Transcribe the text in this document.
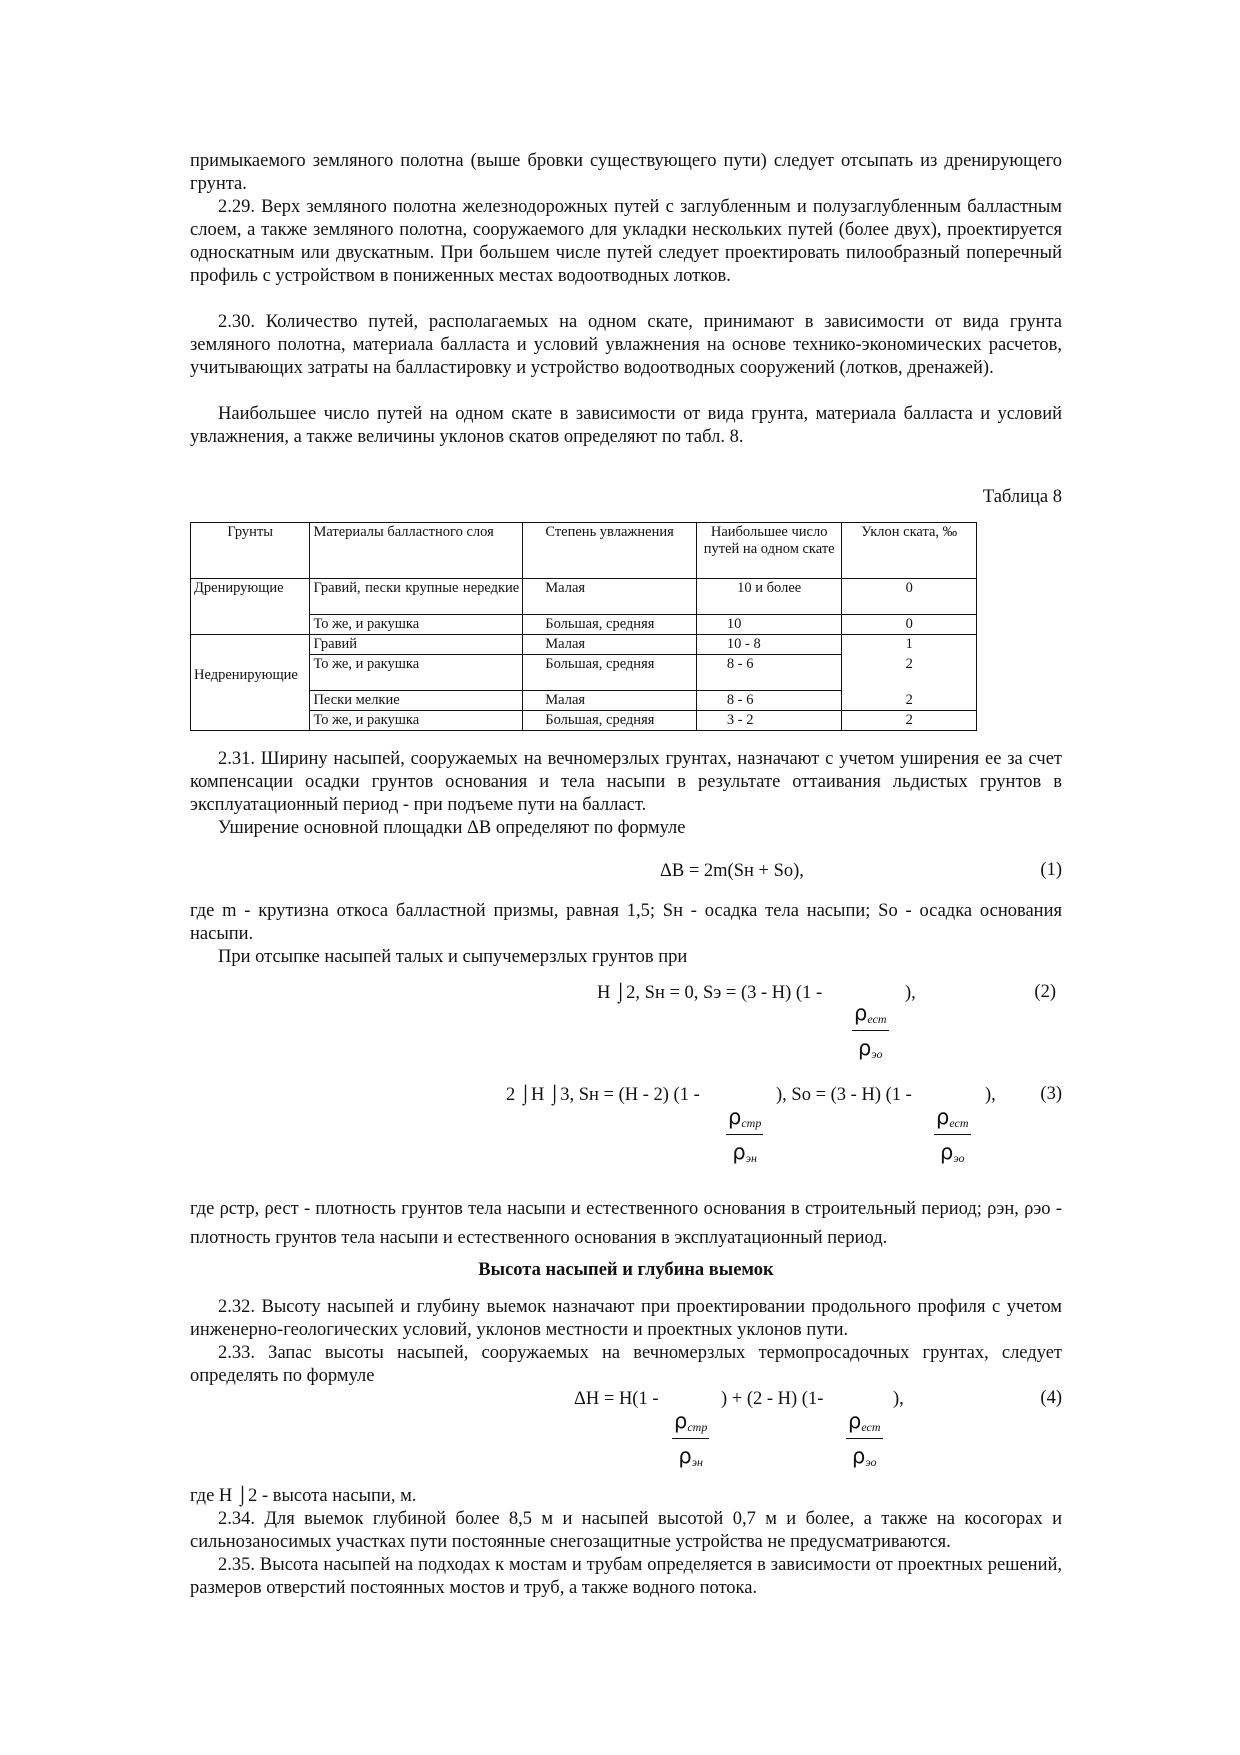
примыкаемого земляного полотна (выше бровки существующего пути) следует отсыпать из дренирующего грунта.

2.29. Верх земляного полотна железнодорожных путей с заглубленным и полузаглубленным балластным слоем, а также земляного полотна, сооружаемого для укладки нескольких путей (более двух), проектируется односкатным или двускатным. При большем числе путей следует проектировать пилообразный поперечный профиль с устройством в пониженных местах водоотводных лотков.

2.30. Количество путей, располагаемых на одном скате, принимают в зависимости от вида грунта земляного полотна, материала балласта и условий увлажнения на основе технико-экономических расчетов, учитывающих затраты на балластировку и устройство водоотводных сооружений (лотков, дренажей).

Наибольшее число путей на одном скате в зависимости от вида грунта, материала балласта и условий увлажнения, а также величины уклонов скатов определяют по табл. 8.

Таблица 8

Грунты	Материалы балластного слоя	Степень увлажнения	Наибольшее число путей на одном скате	Уклон ската, ‰
Дренирующие	Гравий, пески крупные нередкие	Малая	10 и более	0
	То же, и ракушка	Большая, средняя	10	0

Недренирующие	Гравий	Малая	10 - 8	1
	То же, и ракушка	Большая, средняя	8 - 6	2
	Пески мелкие	Малая	8 - 6	2
	То же, и ракушка	Большая, средняя	3 - 2	2

2.31. Ширину насыпей, сооружаемых на вечномерзлых грунтах, назначают с учетом уширения ее за счет компенсации осадки грунтов основания и тела насыпи в результате оттаивания льдистых грунтов в эксплуатационный период - при подъеме пути на балласт.

Уширение основной площадки ΔB определяют по формуле

ΔB = 2m(Sн + Sо),	(1)

где m - крутизна откоса балластной призмы, равная 1,5; Sн - осадка тела насыпи; Sо - осадка основания насыпи.

При отсыпке насыпей талых и сыпучемерзлых грунтов при

H ⌡2, Sн = 0, Sэ = (3 - H) (1 -	),	(2)
$\rho_{ест}$
$\rho_{эо}$
2 ⌡H ⌡3, Sн = (H - 2) (1 -	), Sо = (3 - H) (1 -	), (3)
$\rho_{стр}$
$\rho_{эн}$
$\rho_{ест}$
$\rho_{эо}$

где ρстр, ρест - плотность грунтов тела насыпи и естественного основания в строительный период; ρэн, ρэо - плотность грунтов тела насыпи и естественного основания в эксплуатационный период.

Высота насыпей и глубина выемок

2.32. Высоту насыпей и глубину выемок назначают при проектировании продольного профиля с учетом инженерно-геологических условий, уклонов местности и проектных уклонов пути.

2.33. Запас высоты насыпей, сооружаемых на вечномерзлых термопросадочных грунтах, следует определять по формуле

ΔH = H(1 -	) + (2 - H) (1-	),	(4)
$\rho_{стр}$
$\rho_{эн}$
$\rho_{ест}$
$\rho_{эо}$

где H ⌡2 - высота насыпи, м.

2.34. Для выемок глубиной более 8,5 м и насыпей высотой 0,7 м и более, а также на косогорах и сильнозаносимых участках пути постоянные снегозащитные устройства не предусматриваются.

2.35. Высота насыпей на подходах к мостам и трубам определяется в зависимости от проектных решений, размеров отверстий постоянных мостов и труб, а также водного потока.
